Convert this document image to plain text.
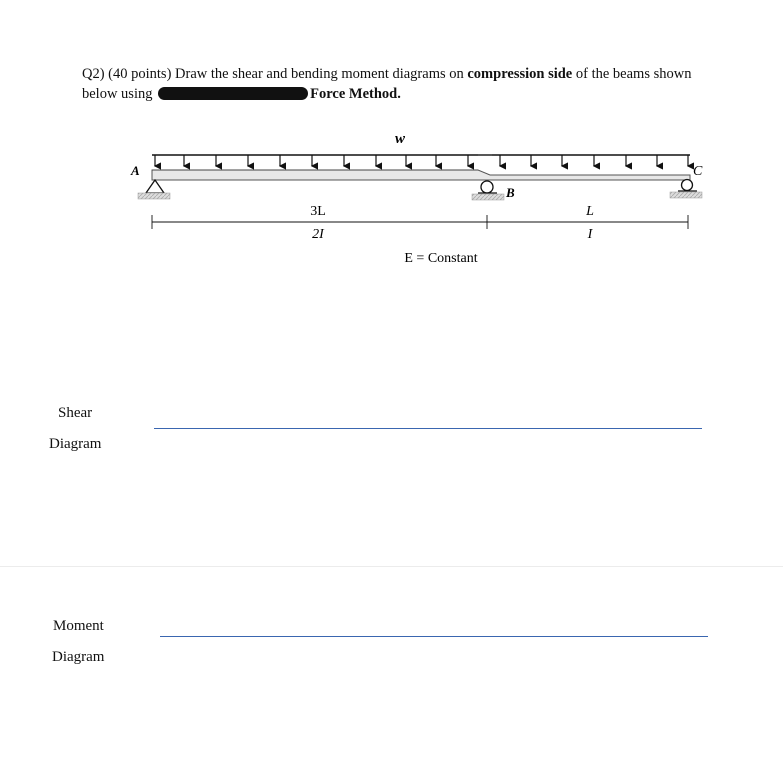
Q2) (40 points) Draw the shear and bending moment diagrams on compression side of the beams shown below using	Force Method.
w
A
B
C
3L
2I
L
I
E = Constant
Shear
Diagram
Moment
Diagram
